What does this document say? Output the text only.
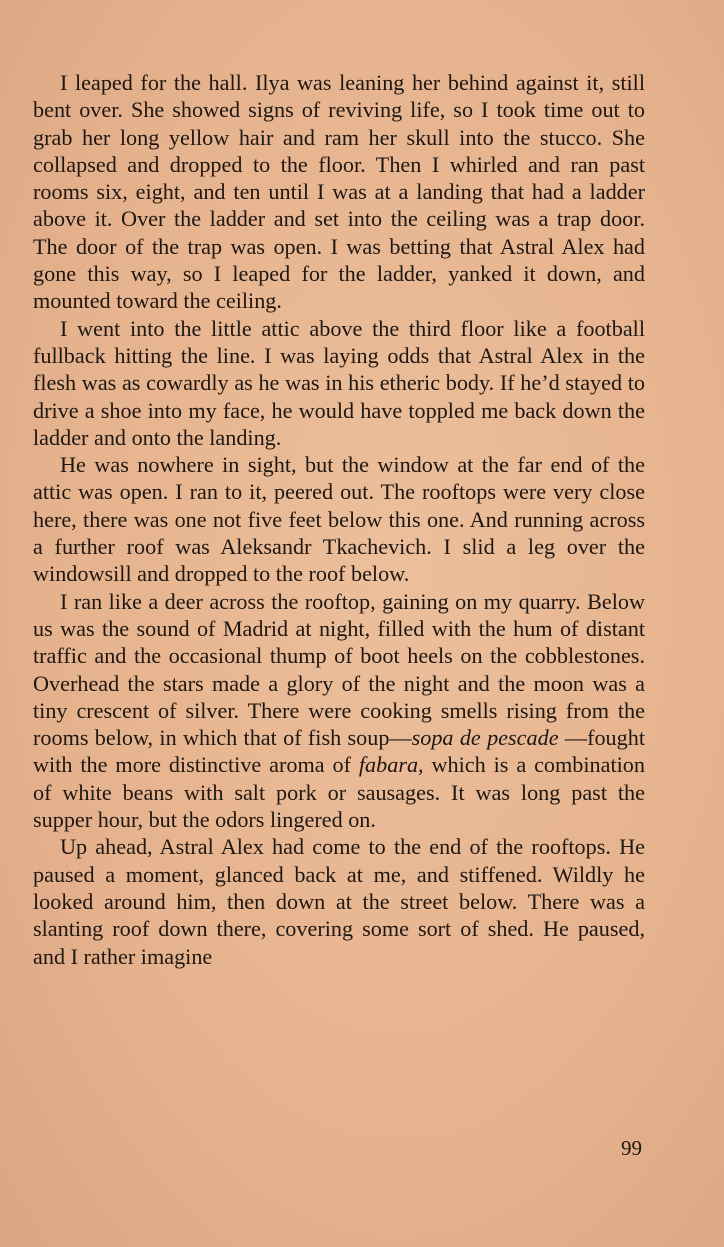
I leaped for the hall. Ilya was leaning her behind against it, still bent over. She showed signs of reviving life, so I took time out to grab her long yellow hair and ram her skull into the stucco. She collapsed and dropped to the floor. Then I whirled and ran past rooms six, eight, and ten until I was at a landing that had a ladder above it. Over the ladder and set into the ceiling was a trap door. The door of the trap was open. I was betting that Astral Alex had gone this way, so I leaped for the ladder, yanked it down, and mounted toward the ceiling.

I went into the little attic above the third floor like a football fullback hitting the line. I was laying odds that Astral Alex in the flesh was as cowardly as he was in his etheric body. If he’d stayed to drive a shoe into my face, he would have toppled me back down the ladder and onto the landing.

He was nowhere in sight, but the window at the far end of the attic was open. I ran to it, peered out. The rooftops were very close here, there was one not five feet below this one. And running across a further roof was Aleksandr Tkachevich. I slid a leg over the windowsill and dropped to the roof below.

I ran like a deer across the rooftop, gaining on my quarry. Below us was the sound of Madrid at night, filled with the hum of distant traffic and the occasional thump of boot heels on the cobblestones. Overhead the stars made a glory of the night and the moon was a tiny crescent of silver. There were cooking smells rising from the rooms below, in which that of fish soup—sopa de pescade —fought with the more distinctive aroma of fabara, which is a combination of white beans with salt pork or sausages. It was long past the supper hour, but the odors lingered on.

Up ahead, Astral Alex had come to the end of the rooftops. He paused a moment, glanced back at me, and stiffened. Wildly he looked around him, then down at the street below. There was a slanting roof down there, covering some sort of shed. He paused, and I rather imagine

99
